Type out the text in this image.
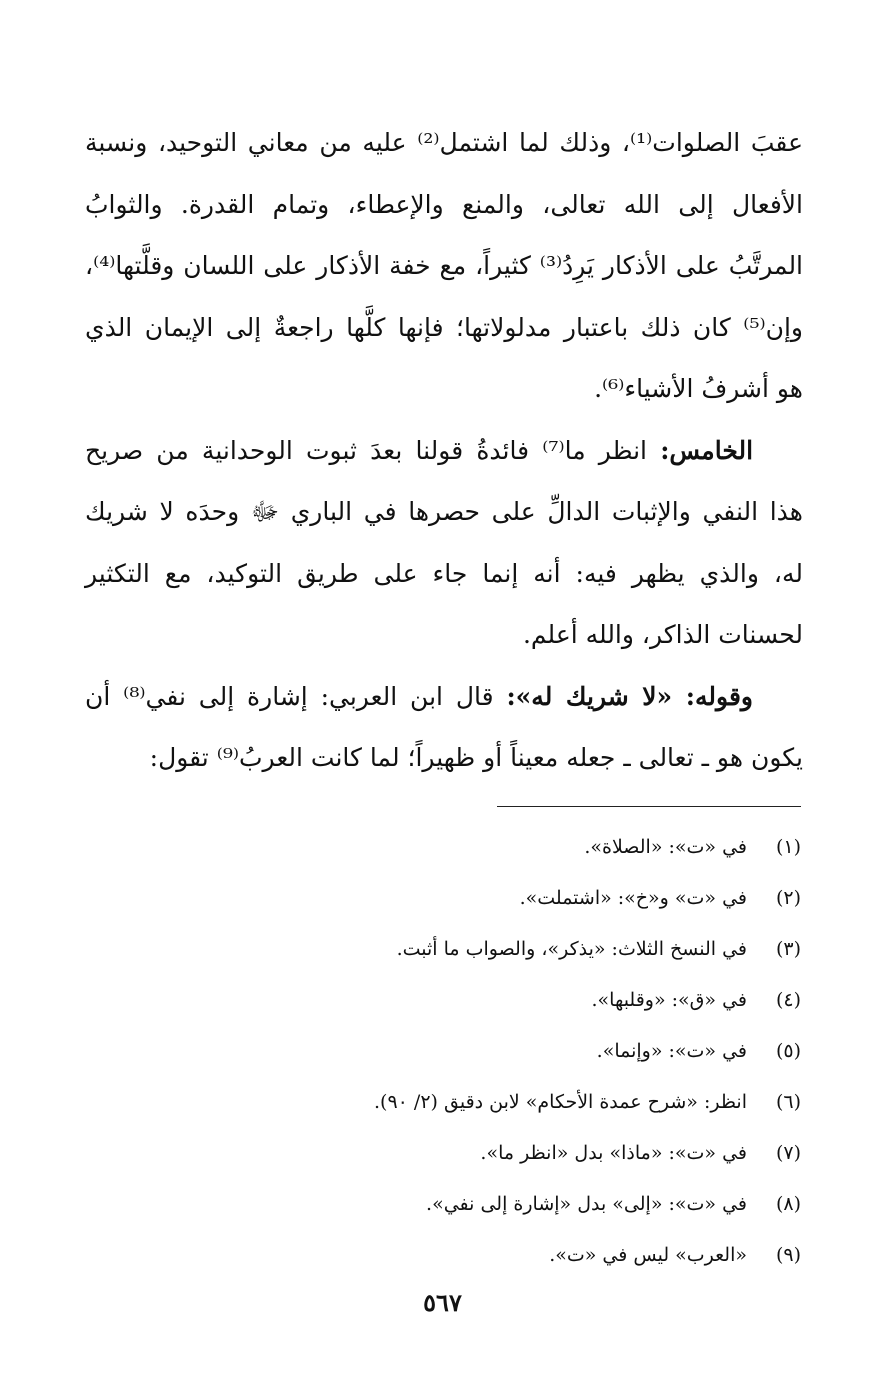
عقبَ الصلوات⁽¹⁾، وذلك لما اشتمل⁽²⁾ عليه من معاني التوحيد، ونسبة
الأفعال إلى الله تعالى، والمنع والإعطاء، وتمام القدرة. والثوابُ
المرتَّبُ على الأذكار يَرِدُ⁽³⁾ كثيراً، مع خفة الأذكار على اللسان وقلَّتها⁽⁴⁾،
وإن⁽⁵⁾ كان ذلك باعتبار مدلولاتها؛ فإنها كلَّها راجعةٌ إلى الإيمان الذي
هو أشرفُ الأشياء⁽⁶⁾.
  الخامس: انظر ما⁽⁷⁾ فائدةُ قولنا بعدَ ثبوت الوحدانية من صريح
هذا النفي والإثبات الدالِّ على حصرها في الباري ﷻ وحدَه لا شريك
له، والذي يظهر فيه: أنه إنما جاء على طريق التوكيد، مع التكثير
لحسنات الذاكر، والله أعلم.
  وقوله: «لا شريك له»: قال ابن العربي: إشارة إلى نفي⁽⁸⁾ أن
يكون هو ـ تعالى ـ جعله معيناً أو ظهيراً؛ لما كانت العربُ⁽⁹⁾ تقول:
(١)
في «ت»: «الصلاة».
(٢)
في «ت» و«خ»: «اشتملت».
(٣)
في النسخ الثلاث: «يذكر»، والصواب ما أثبت.
(٤)
في «ق»: «وقلبها».
(٥)
في «ت»: «وإنما».
(٦)
انظر: «شرح عمدة الأحكام» لابن دقيق (٢/ ٩٠).
(٧)
في «ت»: «ماذا» بدل «انظر ما».
(٨)
في «ت»: «إلى» بدل «إشارة إلى نفي».
(٩)
«العرب» ليس في «ت».
٥٦٧
